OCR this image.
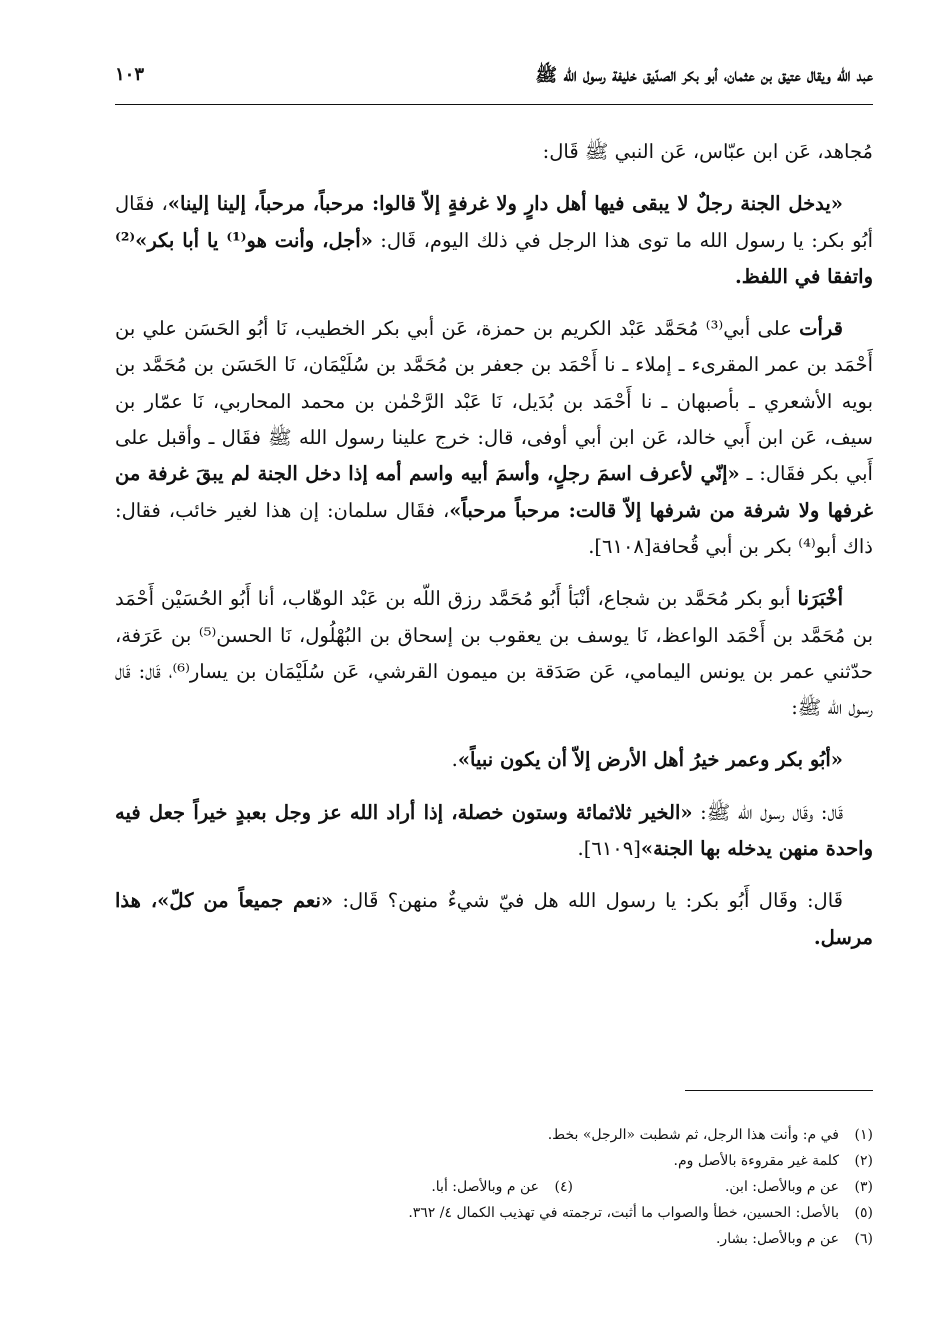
عبد الله ويقال عتيق بن عثمان، أبو بكر الصدّيق خليفة رسول الله ﷺ
١٠٣

مُجاهد، عَن ابن عبّاس، عَن النبي ﷺ قَال:

«يدخل الجنة رجلٌ لا يبقى فيها أهل دارٍ ولا غرفةٍ إلاّ قالوا: مرحباً، مرحباً، إلينا إلينا»، فقَال أبُو بكر: يا رسول الله ما توى هذا الرجل في ذلك اليوم، قَال: «أجل، وأنت هو⁽¹⁾ يا أبا بكر»⁽²⁾ واتفقا في اللفظ.

قرأت على أبي⁽³⁾ مُحَمَّد عَبْد الكريم بن حمزة، عَن أبي بكر الخطيب، نَا أبُو الحَسَن علي بن أَحْمَد بن عمر المقرىء ـ إملاء ـ نا أَحْمَد بن جعفر بن مُحَمَّد بن سُلَيْمَان، نَا الحَسَن بن مُحَمَّد بن بويه الأشعري ـ بأصبهان ـ نا أَحْمَد بن بُدَيل، نَا عَبْد الرَّحْمٰن بن محمد المحاربي، نَا عمّار بن سيف، عَن ابن أَبي خالد، عَن ابن أبي أوفى، قال: خرج علينا رسول الله ﷺ فقَال ـ وأقبل على أَبي بكر فقَال: ـ «إنّي لأعرف اسمَ رجلٍ، وأسمَ أبيه واسم أمه إذا دخل الجنة لم يبقَ غرفة من غرفها ولا شرفة من شرفها إلاّ قالت: مرحباً مرحباً»، فقَال سلمان: إن هذا لغير خائب، فقال: ذاك أبو⁽⁴⁾ بكر بن أبي قُحافة[٦١٠٨].

أخْبَرَنا أبو بكر مُحَمَّد بن شجاع، أنْبَأ أَبُو مُحَمَّد رزق اللّه بن عَبْد الوهّاب، أنا أَبُو الحُسَيْن أَحْمَد بن مُحَمَّد بن أَحْمَد الواعظ، نَا يوسف بن يعقوب بن إسحاق بن البُهْلُول، نَا الحسن⁽⁵⁾ بن عَرَفة، حدّثني عمر بن يونس اليمامي، عَن صَدَقة بن ميمون القرشي، عَن سُلَيْمَان بن يسار⁽⁶⁾، قَال: قَال رسول الله ﷺ:

«أبُو بكر وعمر خيرُ أهل الأرض إلاّ أن يكون نبياً».

قَال: وقَال رسول الله ﷺ: «الخير ثلاثمائة وستون خصلة، إذا أراد الله عز وجل بعبدٍ خيراً جعل فيه واحدة منهن يدخله بها الجنة»[٦١٠٩].

قَال: وقَال أَبُو بكر: يا رسول الله هل فيّ شيءٌ منهن؟ قَال: «نعم جميعاً من كلّ»، هذا مرسل.

(١)في م: وأنت هذا الرجل، ثم شطبت «الرجل» بخط.
(٢)كلمة غير مقروءة بالأصل وم.
(٣)عن م وبالأصل: ابن.
(٤)عن م وبالأصل: أبا.
(٥)بالأصل: الحسين، خطأ والصواب ما أثبت، ترجمته في تهذيب الكمال ٤/ ٣٦٢.
(٦)عن م وبالأصل: بشار.
